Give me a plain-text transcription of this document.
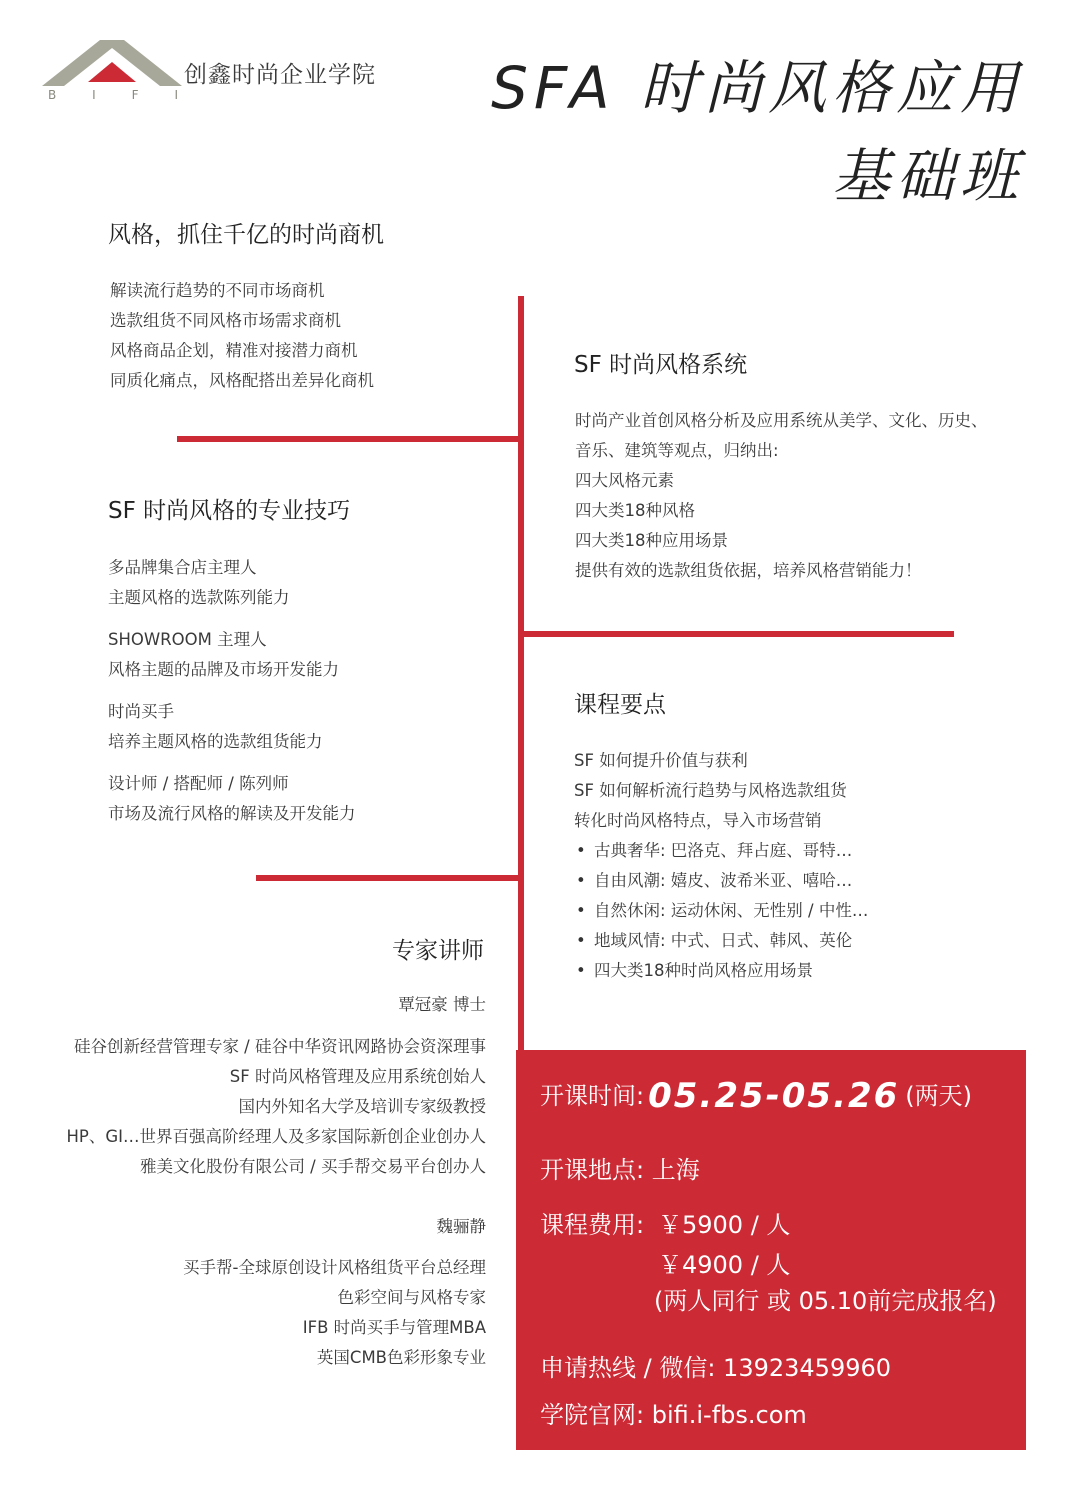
B	I	F	I
创鑫时尚企业学院 SFA 时尚风格应用
基础班
风格，抓住千亿的时尚商机
解读流行趋势的不同市场商机
选款组货不同风格市场需求商机
风格商品企划，精准对接潜力商机
同质化痛点，风格配搭出差异化商机
SF 时尚风格系统
时尚产业首创风格分析及应用系统从美学、文化、历史、
音乐、建筑等观点，归纳出:
四大风格元素
四大类18种风格
四大类18种应用场景
提供有效的选款组货依据，培养风格营销能力！
SF 时尚风格的专业技巧
多品牌集合店主理人
主题风格的选款陈列能力
SHOWROOM 主理人
风格主题的品牌及市场开发能力
时尚买手
培养主题风格的选款组货能力
设计师 / 搭配师 / 陈列师
市场及流行风格的解读及开发能力
课程要点
SF 如何提升价值与获利
SF 如何解析流行趋势与风格选款组货
转化时尚风格特点，导入市场营销
• 古典奢华: 巴洛克、拜占庭、哥特…
• 自由风潮: 嬉皮、波希米亚、嘻哈…
• 自然休闲: 运动休闲、无性别 / 中性…
• 地域风情: 中式、日式、韩风、英伦
• 四大类18种时尚风格应用场景
专家讲师
覃冠豪 博士
硅谷创新经营管理专家 / 硅谷中华资讯网路协会资深理事
SF 时尚风格管理及应用系统创始人
国内外知名大学及培训专家级教授
HP、GI…世界百强高阶经理人及多家国际新创企业创办人
雅美文化股份有限公司 / 买手帮交易平台创办人
魏骊静
买手帮-全球原创设计风格组货平台总经理
色彩空间与风格专家
IFB 时尚买手与管理MBA
英国CMB色彩形象专业
开课时间: 05.25-05.26 (两天)
开课地点: 上海
课程费用: ￥5900 / 人
￥4900 / 人
(两人同行 或 05.10前完成报名)
申请热线 / 微信: 13923459960
学院官网: bifi.i-fbs.com
